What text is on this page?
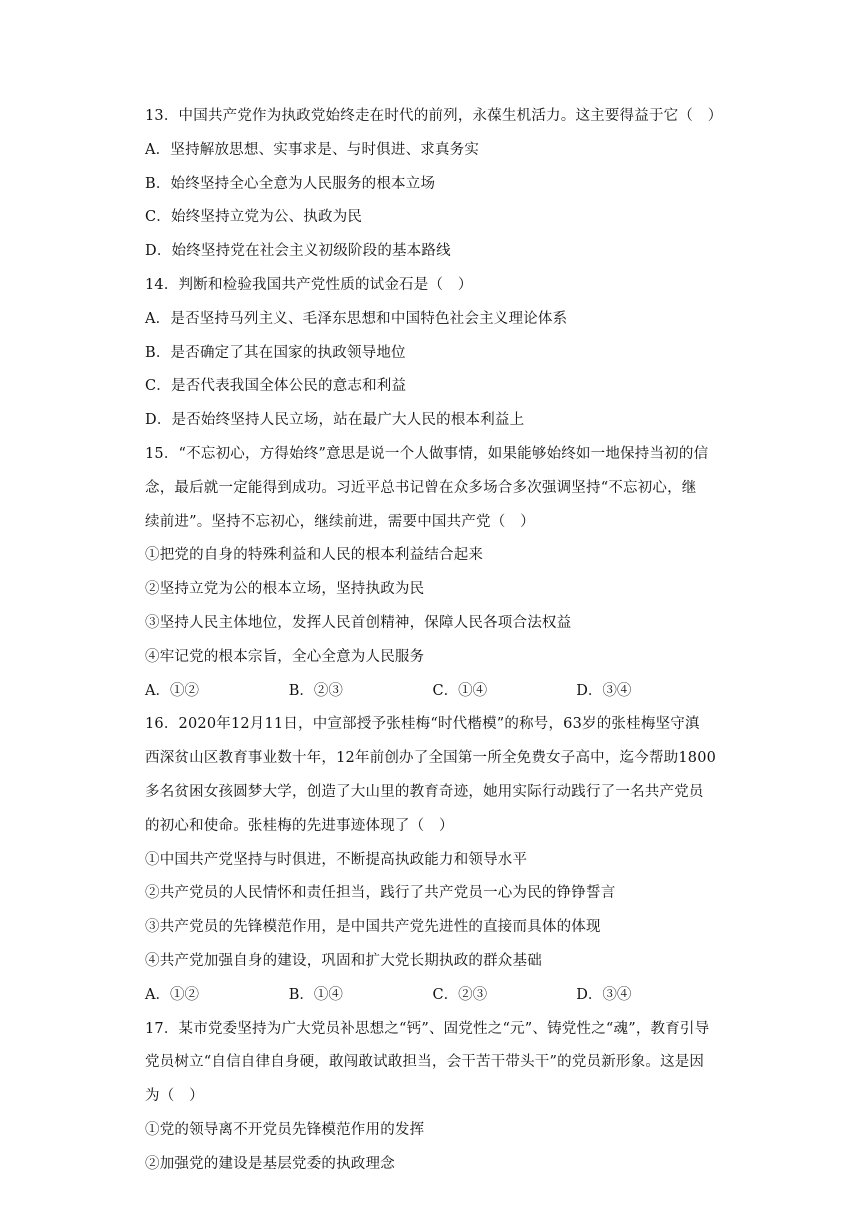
13．中国共产党作为执政党始终走在时代的前列，永葆生机活力。这主要得益于它（　）
A．坚持解放思想、实事求是、与时俱进、求真务实
B．始终坚持全心全意为人民服务的根本立场
C．始终坚持立党为公、执政为民
D．始终坚持党在社会主义初级阶段的基本路线
14．判断和检验我国共产党性质的试金石是（　）
A．是否坚持马列主义、毛泽东思想和中国特色社会主义理论体系
B．是否确定了其在国家的执政领导地位
C．是否代表我国全体公民的意志和利益
D．是否始终坚持人民立场，站在最广大人民的根本利益上
15．“不忘初心，方得始终”意思是说一个人做事情，如果能够始终如一地保持当初的信
念，最后就一定能得到成功。习近平总书记曾在众多场合多次强调坚持“不忘初心，继
续前进”。坚持不忘初心，继续前进，需要中国共产党（　）
①把党的自身的特殊利益和人民的根本利益结合起来
②坚持立党为公的根本立场，坚持执政为民
③坚持人民主体地位，发挥人民首创精神，保障人民各项合法权益
④牢记党的根本宗旨，全心全意为人民服务
A．①②	B．②③	C．①④	D．③④
16．2020年12月11日，中宣部授予张桂梅“时代楷模”的称号，63岁的张桂梅坚守滇
西深贫山区教育事业数十年，12年前创办了全国第一所全免费女子高中，迄今帮助1800
多名贫困女孩圆梦大学，创造了大山里的教育奇迹，她用实际行动践行了一名共产党员
的初心和使命。张桂梅的先进事迹体现了（　）
①中国共产党坚持与时俱进，不断提高执政能力和领导水平
②共产党员的人民情怀和责任担当，践行了共产党员一心为民的铮铮誓言
③共产党员的先锋模范作用，是中国共产党先进性的直接而具体的体现
④共产党加强自身的建设，巩固和扩大党长期执政的群众基础
A．①②	B．①④	C．②③	D．③④
17．某市党委坚持为广大党员补思想之“钙”、固党性之“元”、铸党性之“魂”，教育引导
党员树立“自信自律自身硬，敢闯敢试敢担当，会干苦干带头干”的党员新形象。这是因
为（　）
①党的领导离不开党员先锋模范作用的发挥
②加强党的建设是基层党委的执政理念
